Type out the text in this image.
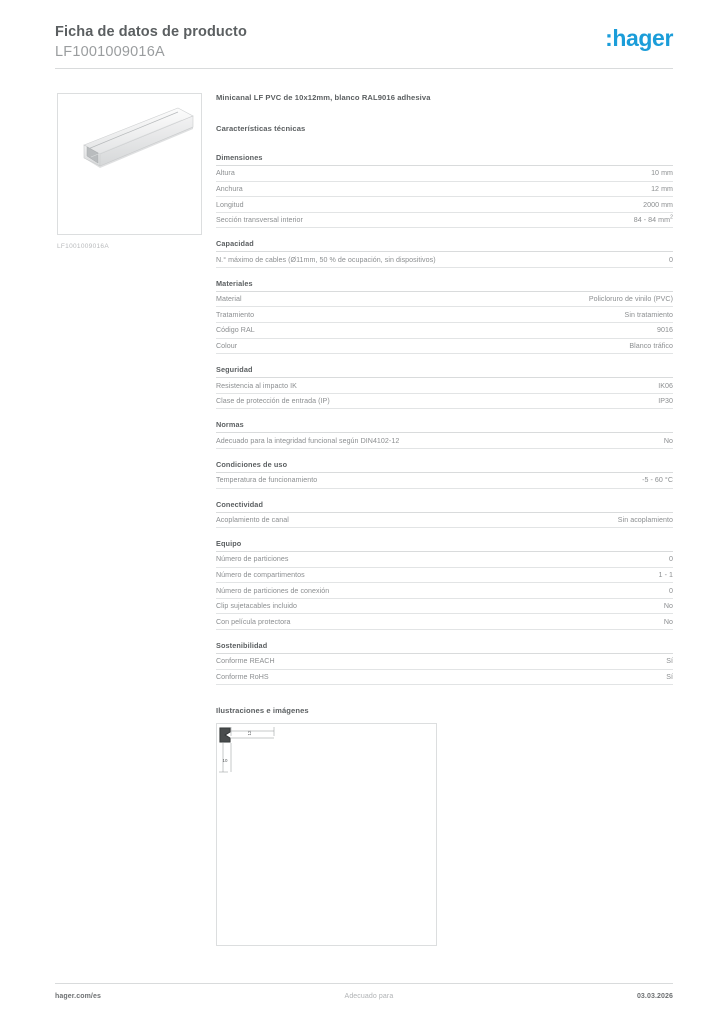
Ficha de datos de producto
LF1001009016A
:hager
LF1001009016A
Minicanal LF PVC de 10x12mm, blanco RAL9016 adhesiva
Características técnicas
Dimensiones
Altura	10 mm
Anchura	12 mm
Longitud	2000 mm
Sección transversal interior	84 - 84 $mm^2$
Capacidad
N.° máximo de cables (Ø11mm, 50 % de ocupación, sin dispositivos)	0
Materiales
Material	Policloruro de vinilo (PVC)
Tratamiento	Sin tratamiento
Código RAL	9016
Colour	Blanco tráfico
Seguridad
Resistencia al impacto IK	IK06
Clase de protección de entrada (IP)	IP30
Normas
Adecuado para la integridad funcional según DIN4102-12	No
Condiciones de uso
Temperatura de funcionamiento	-5 - 60 °C
Conectividad
Acoplamiento de canal	Sin acoplamiento
Equipo
Número de particiones	0
Número de compartimentos	1 - 1
Número de particiones de conexión	0
Clip sujetacables incluido	No
Con película protectora	No
Sostenibilidad
Conforme REACH	Sí
Conforme RoHS	Sí
Ilustraciones e imágenes
12
10
hager.com/es	Adecuado para	03.03.2026
